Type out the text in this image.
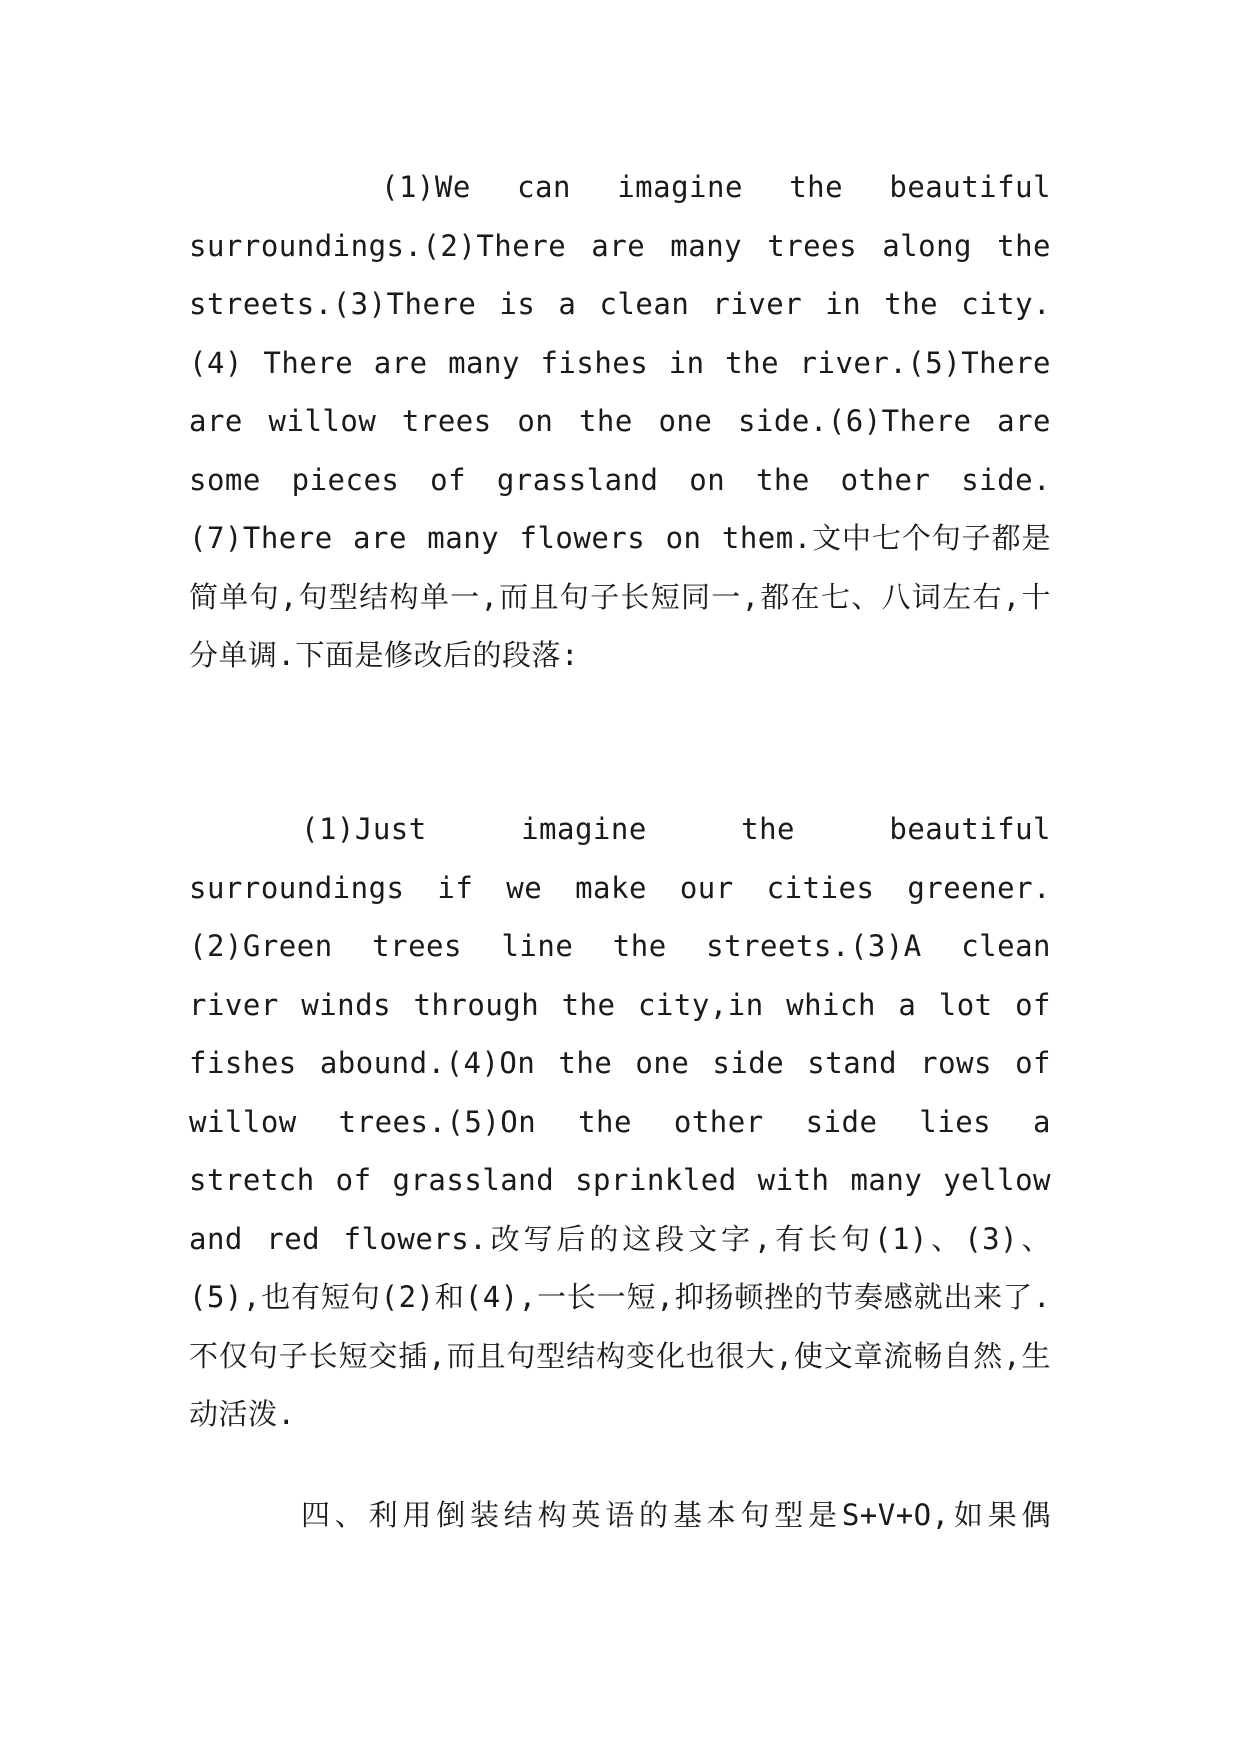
(1)We can imagine the beautiful surroundings.(2)There are many trees along the streets.(3)There is a clean river in the city.(4) There are many fishes in the river.(5)There are willow trees on the one side.(6)There are some pieces of grassland on the other side.(7)There are many flowers on them.文中七个句子都是简单句,句型结构单一,而且句子长短同一,都在七、八词左右,十分单调.下面是修改后的段落:

(1)Just imagine the beautiful surroundings if we make our cities greener.(2)Green trees line the streets.(3)A clean river winds through the city,in which a lot of fishes abound.(4)On the one side stand rows of willow trees.(5)On the other side lies a stretch of grassland sprinkled with many yellow and red flowers.改写后的这段文字,有长句(1)、(3)、(5),也有短句(2)和(4),一长一短,抑扬顿挫的节奏感就出来了.不仅句子长短交插,而且句型结构变化也很大,使文章流畅自然,生动活泼.

四、利用倒装结构英语的基本句型是S+V+O,如果偶
